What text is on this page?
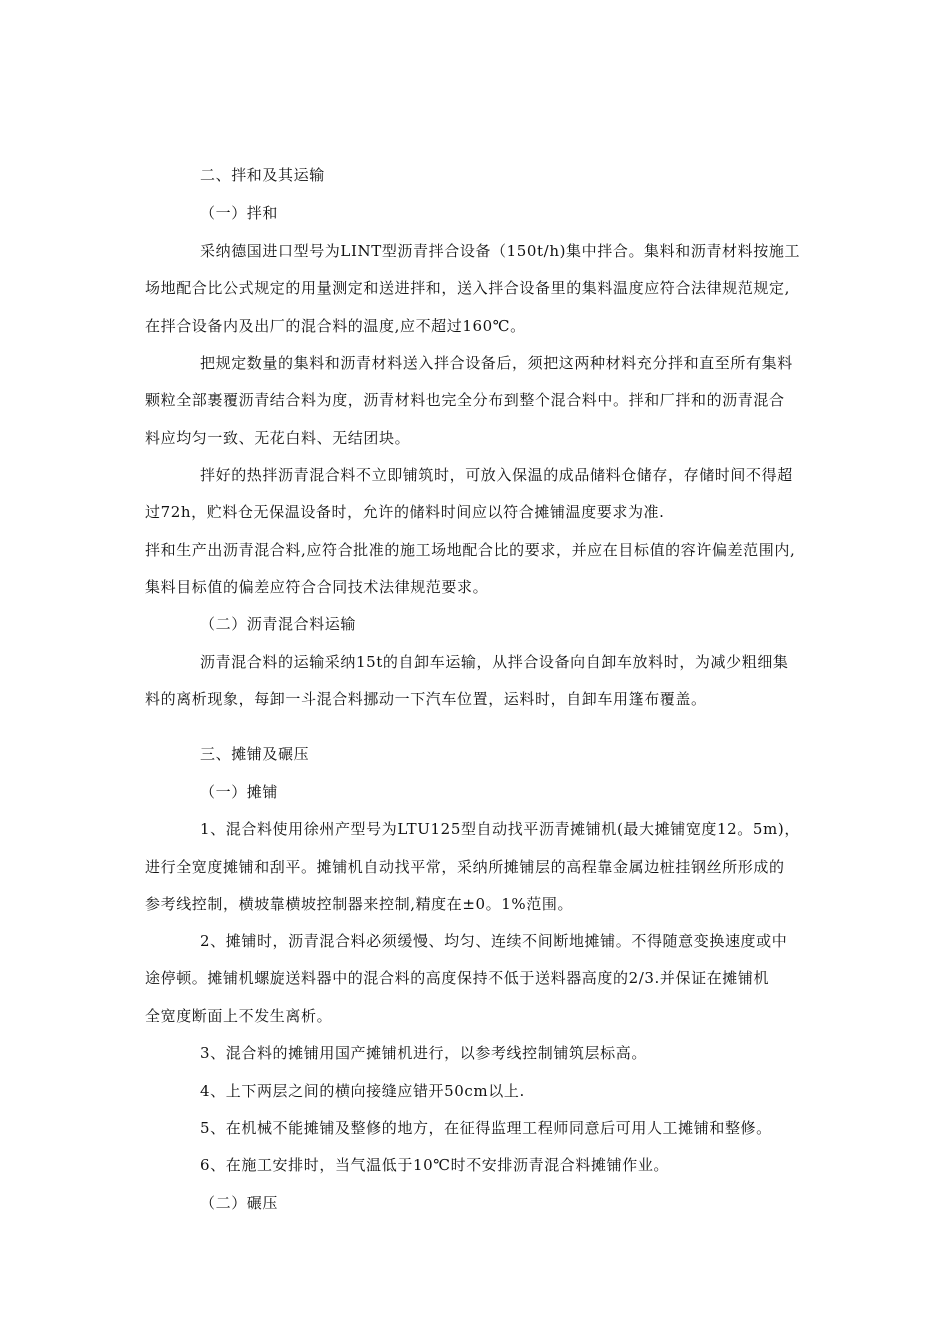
二、拌和及其运输
（一）拌和
采纳德国进口型号为LINT型沥青拌合设备（150t/h)集中拌合。集料和沥青材料按施工
场地配合比公式规定的用量测定和送进拌和，送入拌合设备里的集料温度应符合法律规范规定,
在拌合设备内及出厂的混合料的温度,应不超过160℃。
把规定数量的集料和沥青材料送入拌合设备后，须把这两种材料充分拌和直至所有集料
颗粒全部裹覆沥青结合料为度，沥青材料也完全分布到整个混合料中。拌和厂拌和的沥青混合
料应均匀一致、无花白料、无结团块。
拌好的热拌沥青混合料不立即铺筑时，可放入保温的成品储料仓储存，存储时间不得超
过72h，贮料仓无保温设备时，允许的储料时间应以符合摊铺温度要求为准.
拌和生产出沥青混合料,应符合批准的施工场地配合比的要求，并应在目标值的容许偏差范围内,
集料目标值的偏差应符合合同技术法律规范要求。
（二）沥青混合料运输
沥青混合料的运输采纳15t的自卸车运输，从拌合设备向自卸车放料时，为减少粗细集
料的离析现象，每卸一斗混合料挪动一下汽车位置，运料时，自卸车用篷布覆盖。
三、摊铺及碾压
（一）摊铺
1、混合料使用徐州产型号为LTU125型自动找平沥青摊铺机(最大摊铺宽度12。5m)，
进行全宽度摊铺和刮平。摊铺机自动找平常，采纳所摊铺层的高程靠金属边桩挂钢丝所形成的
参考线控制，横坡靠横坡控制器来控制,精度在±0。1%范围。
2、摊铺时，沥青混合料必须缓慢、均匀、连续不间断地摊铺。不得随意变换速度或中
途停顿。摊铺机螺旋送料器中的混合料的高度保持不低于送料器高度的2/3.并保证在摊铺机
全宽度断面上不发生离析。
3、混合料的摊铺用国产摊铺机进行，以参考线控制铺筑层标高。
4、上下两层之间的横向接缝应错开50cm以上.
5、在机械不能摊铺及整修的地方，在征得监理工程师同意后可用人工摊铺和整修。
6、在施工安排时，当气温低于10℃时不安排沥青混合料摊铺作业。
（二）碾压
